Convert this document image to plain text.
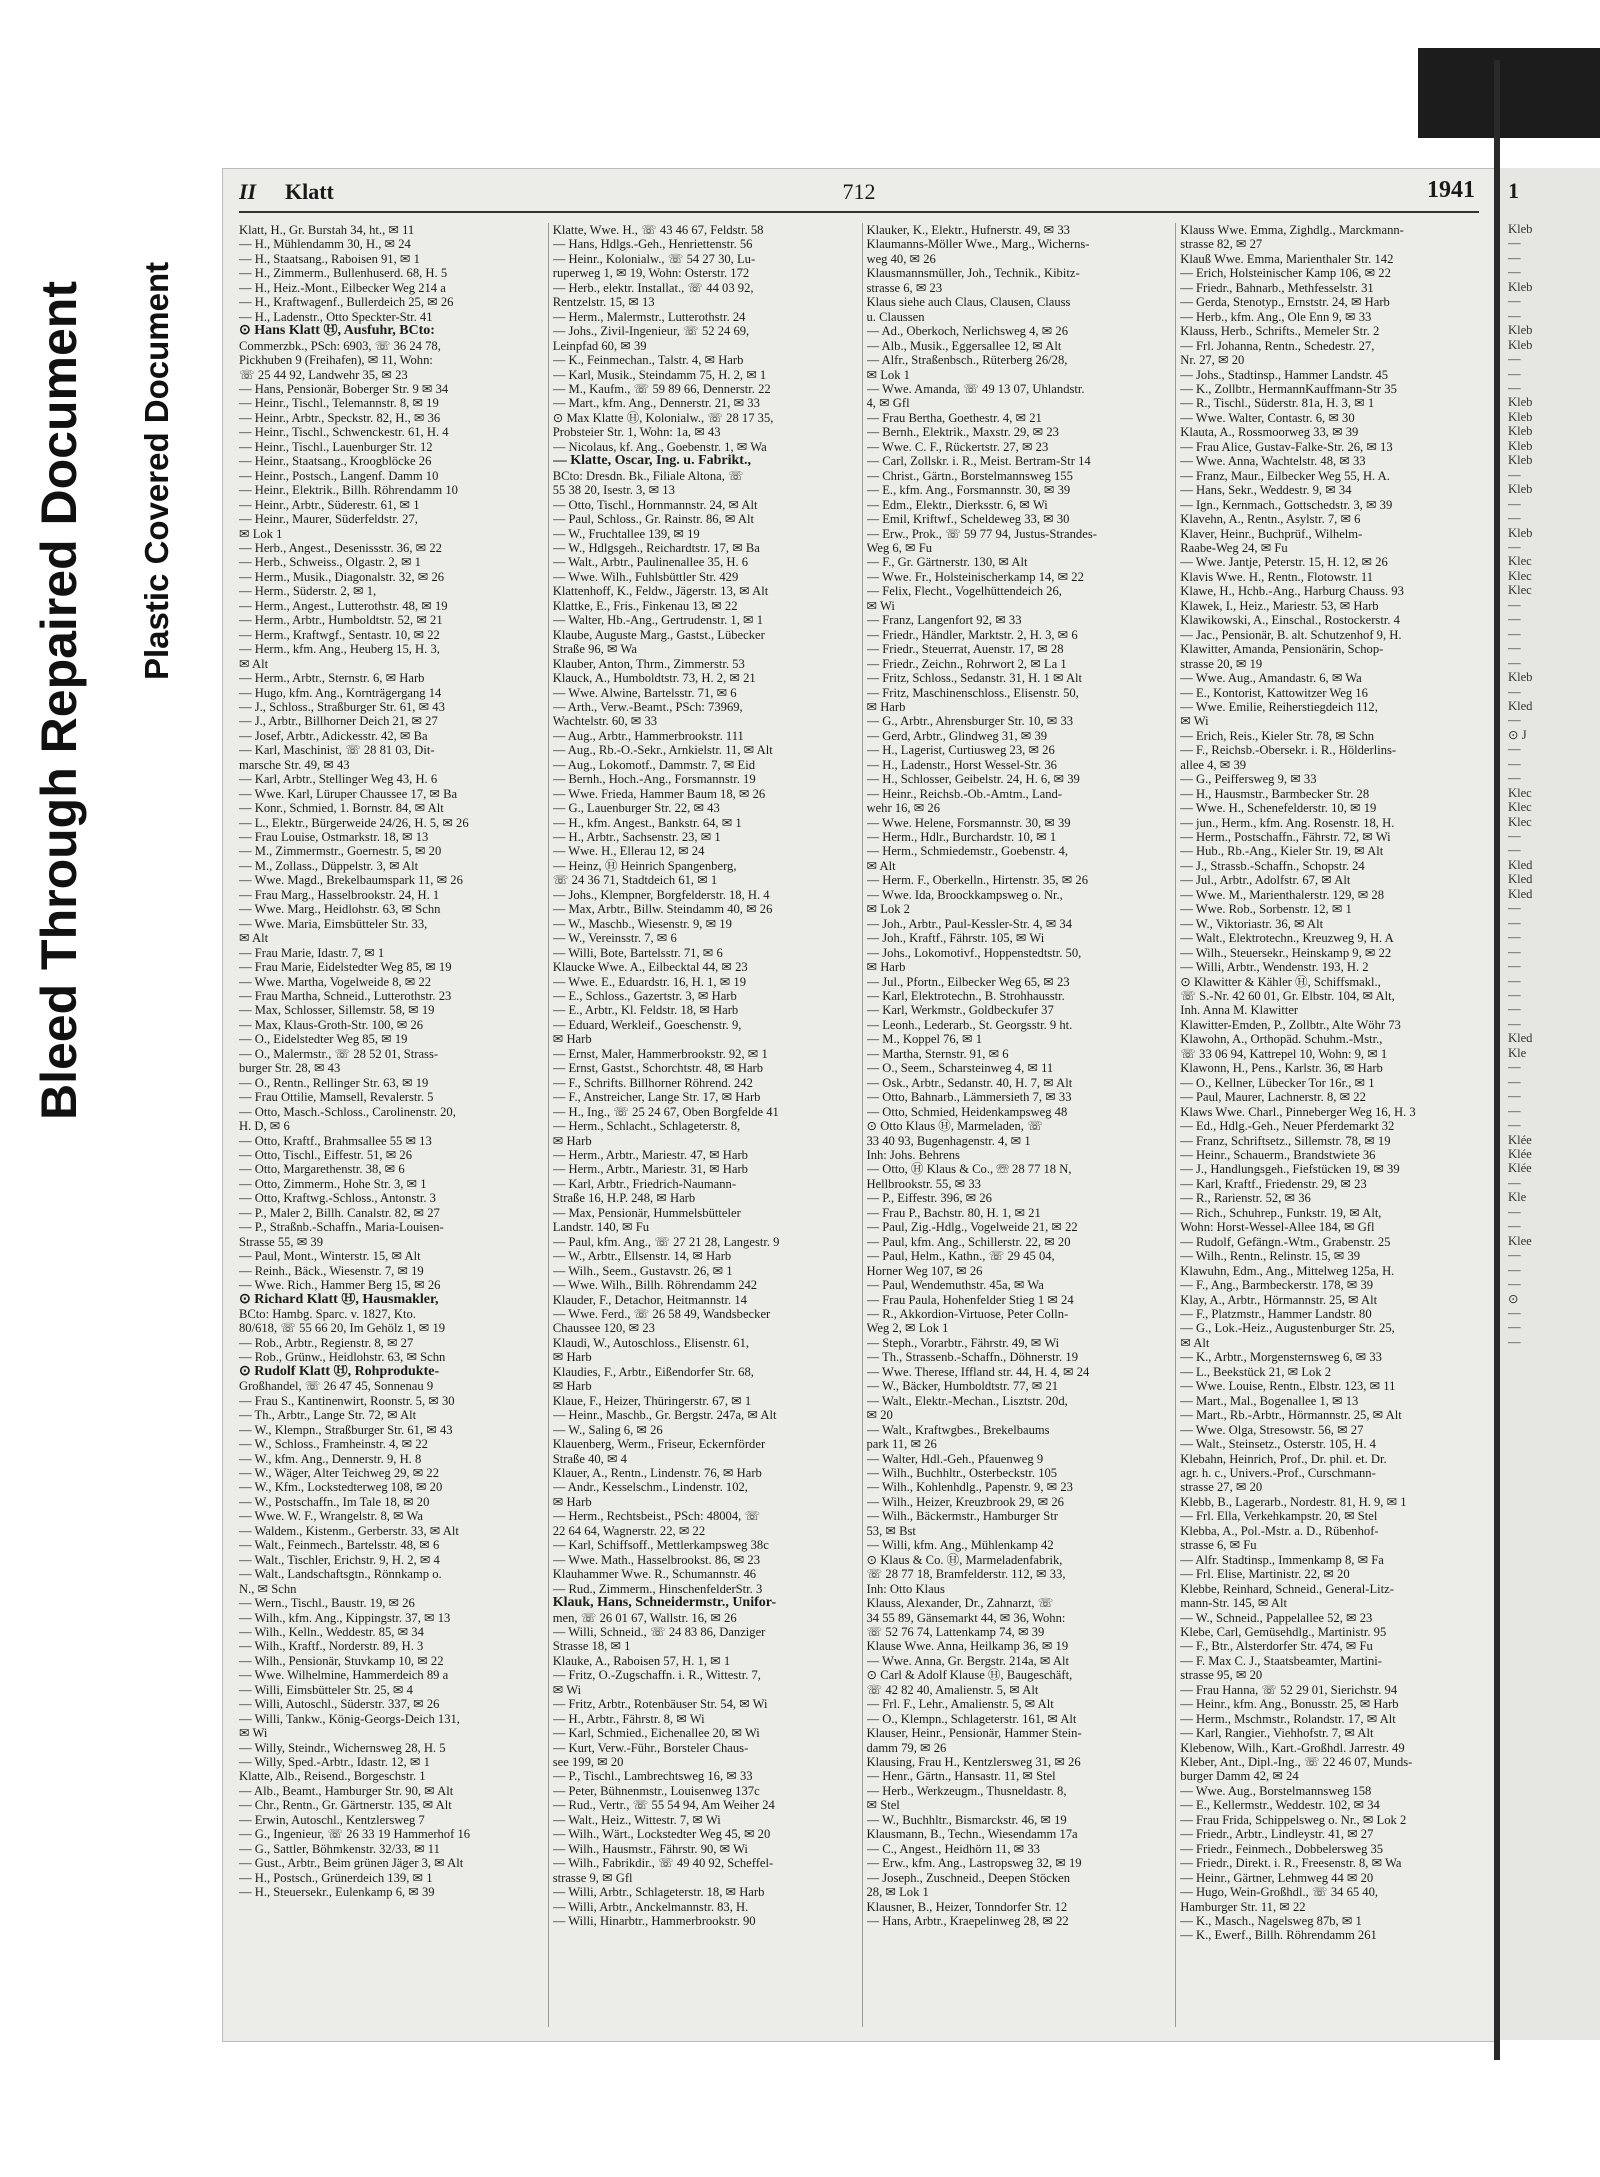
Bleed Through Repaired Document Plastic Covered Document
II Klatt	712	1941
Klatt, H., Gr. Burstah 34, ht., ✉ 11
— H., Mühlendamm 30, H., ✉ 24
— H., Staatsang., Raboisen 91, ✉ 1
— H., Zimmerm., Bullenhuserd. 68, H. 5
— H., Heiz.-Mont., Eilbecker Weg 214 a
— H., Kraftwagenf., Bullerdeich 25, ✉ 26
— H., Ladenstr., Otto Speckter-Str. 41
⊙ Hans Klatt Ⓗ, Ausfuhr, BCto:
Commerzbk., PSch: 6903, ☏ 36 24 78,
Pickhuben 9 (Freihafen), ✉ 11, Wohn:
☏ 25 44 92, Landwehr 35, ✉ 23
— Hans, Pensionär, Boberger Str. 9 ✉ 34
— Heinr., Tischl., Telemannstr. 8, ✉ 19
— Heinr., Arbtr., Speckstr. 82, H., ✉ 36
— Heinr., Tischl., Schwenckestr. 61, H. 4
— Heinr., Tischl., Lauenburger Str. 12
— Heinr., Staatsang., Kroogblöcke 26
— Heinr., Postsch., Langenf. Damm 10
— Heinr., Elektrik., Billh. Röhrendamm 10
— Heinr., Arbtr., Süderestr. 61, ✉ 1
— Heinr., Maurer, Süderfeldstr. 27,
✉ Lok 1
— Herb., Angest., Desenissstr. 36, ✉ 22
— Herb., Schweiss., Olgastr. 2, ✉ 1
— Herm., Musik., Diagonalstr. 32, ✉ 26
— Herm., Süderstr. 2, ✉ 1,
— Herm., Angest., Lutterothstr. 48, ✉ 19
— Herm., Arbtr., Humboldtstr. 52, ✉ 21
— Herm., Kraftwgf., Sentastr. 10, ✉ 22
— Herm., kfm. Ang., Heuberg 15, H. 3,
✉ Alt
— Herm., Arbtr., Sternstr. 6, ✉ Harb
— Hugo, kfm. Ang., Kornträgergang 14
— J., Schloss., Straßburger Str. 61, ✉ 43
— J., Arbtr., Billhorner Deich 21, ✉ 27
— Josef, Arbtr., Adickesstr. 42, ✉ Ba
— Karl, Maschinist, ☏ 28 81 03, Dit-
marsche Str. 49, ✉ 43
— Karl, Arbtr., Stellinger Weg 43, H. 6
— Wwe. Karl, Lüruper Chaussee 17, ✉ Ba
— Konr., Schmied, 1. Bornstr. 84, ✉ Alt
— L., Elektr., Bürgerweide 24/26, H. 5, ✉ 26
— Frau Louise, Ostmarkstr. 18, ✉ 13
— M., Zimmermstr., Goernestr. 5, ✉ 20
— M., Zollass., Düppelstr. 3, ✉ Alt
— Wwe. Magd., Brekelbaumspark 11, ✉ 26
— Frau Marg., Hasselbrookstr. 24, H. 1
— Wwe. Marg., Heidlohstr. 63, ✉ Schn
— Wwe. Maria, Eimsbütteler Str. 33,
✉ Alt
— Frau Marie, Idastr. 7, ✉ 1
— Frau Marie, Eidelstedter Weg 85, ✉ 19
— Wwe. Martha, Vogelweide 8, ✉ 22
— Frau Martha, Schneid., Lutterothstr. 23
— Max, Schlosser, Sillemstr. 58, ✉ 19
— Max, Klaus-Groth-Str. 100, ✉ 26
— O., Eidelstedter Weg 85, ✉ 19
— O., Malermstr., ☏ 28 52 01, Strass-
burger Str. 28, ✉ 43
— O., Rentn., Rellinger Str. 63, ✉ 19
— Frau Ottilie, Mamsell, Revalerstr. 5
— Otto, Masch.-Schloss., Carolinenstr. 20,
H. D, ✉ 6
— Otto, Kraftf., Brahmsallee 55 ✉ 13
— Otto, Tischl., Eiffestr. 51, ✉ 26
— Otto, Margarethenstr. 38, ✉ 6
— Otto, Zimmerm., Hohe Str. 3, ✉ 1
— Otto, Kraftwg.-Schloss., Antonstr. 3
— P., Maler 2, Billh. Canalstr. 82, ✉ 27
— P., Straßnb.-Schaffn., Maria-Louisen-
Strasse 55, ✉ 39
— Paul, Mont., Winterstr. 15, ✉ Alt
— Reinh., Bäck., Wiesenstr. 7, ✉ 19
— Wwe. Rich., Hammer Berg 15, ✉ 26
⊙ Richard Klatt Ⓗ, Hausmakler,
BCto: Hambg. Sparc. v. 1827, Kto.
80/618, ☏ 55 66 20, Im Gehölz 1, ✉ 19
— Rob., Arbtr., Regienstr. 8, ✉ 27
— Rob., Grünw., Heidlohstr. 63, ✉ Schn
⊙ Rudolf Klatt Ⓗ, Rohprodukte-
Großhandel, ☏ 26 47 45, Sonnenau 9
— Frau S., Kantinenwirt, Roonstr. 5, ✉ 30
— Th., Arbtr., Lange Str. 72, ✉ Alt
— W., Klempn., Straßburger Str. 61, ✉ 43
— W., Schloss., Framheinstr. 4, ✉ 22
— W., kfm. Ang., Dennerstr. 9, H. 8
— W., Wäger, Alter Teichweg 29, ✉ 22
— W., Kfm., Lockstedterweg 108, ✉ 20
— W., Postschaffn., Im Tale 18, ✉ 20
— Wwe. W. F., Wrangelstr. 8, ✉ Wa
— Waldem., Kistenm., Gerberstr. 33, ✉ Alt
— Walt., Feinmech., Bartelsstr. 48, ✉ 6
— Walt., Tischler, Erichstr. 9, H. 2, ✉ 4
— Walt., Landschaftsgtn., Rönnkamp o.
N., ✉ Schn
— Wern., Tischl., Baustr. 19, ✉ 26
— Wilh., kfm. Ang., Kippingstr. 37, ✉ 13
— Wilh., Kelln., Weddestr. 85, ✉ 34
— Wilh., Kraftf., Norderstr. 89, H. 3
— Wilh., Pensionär, Stuvkamp 10, ✉ 22
— Wwe. Wilhelmine, Hammerdeich 89 a
— Willi, Eimsbütteler Str. 25, ✉ 4
— Willi, Autoschl., Süderstr. 337, ✉ 26
— Willi, Tankw., König-Georgs-Deich 131,
✉ Wi
— Willy, Steindr., Wichernsweg 28, H. 5
— Willy, Sped.-Arbtr., Idastr. 12, ✉ 1
Klatte, Alb., Reisend., Borgeschstr. 1
— Alb., Beamt., Hamburger Str. 90, ✉ Alt
— Chr., Rentn., Gr. Gärtnerstr. 135, ✉ Alt
— Erwin, Autoschl., Kentzlersweg 7
— G., Ingenieur, ☏ 26 33 19 Hammerhof 16
— G., Sattler, Böhmkenstr. 32/33, ✉ 11
— Gust., Arbtr., Beim grünen Jäger 3, ✉ Alt
— H., Postsch., Grünerdeich 139, ✉ 1
— H., Steuersekr., Eulenkamp 6, ✉ 39
Klatte, Wwe. H., ☏ 43 46 67, Feldstr. 58
— Hans, Hdlgs.-Geh., Henriettenstr. 56
— Heinr., Kolonialw., ☏ 54 27 30, Lu-
ruperweg 1, ✉ 19, Wohn: Osterstr. 172
— Herb., elektr. Installat., ☏ 44 03 92,
Rentzelstr. 15, ✉ 13
— Herm., Malermstr., Lutterothstr. 24
— Johs., Zivil-Ingenieur, ☏ 52 24 69,
Leinpfad 60, ✉ 39
— K., Feinmechan., Talstr. 4, ✉ Harb
— Karl, Musik., Steindamm 75, H. 2, ✉ 1
— M., Kaufm., ☏ 59 89 66, Dennerstr. 22
— Mart., kfm. Ang., Dennerstr. 21, ✉ 33
⊙ Max Klatte Ⓗ, Kolonialw., ☏ 28 17 35,
Probsteier Str. 1, Wohn: 1a, ✉ 43
— Nicolaus, kf. Ang., Goebenstr. 1, ✉ Wa
— Klatte, Oscar, Ing. u. Fabrikt.,
BCto: Dresdn. Bk., Filiale Altona, ☏
55 38 20, Isestr. 3, ✉ 13
— Otto, Tischl., Hornmannstr. 24, ✉ Alt
— Paul, Schloss., Gr. Rainstr. 86, ✉ Alt
— W., Fruchtallee 139, ✉ 19
— W., Hdlgsgeh., Reichardtstr. 17, ✉ Ba
— Walt., Arbtr., Paulinenallee 35, H. 6
— Wwe. Wilh., Fuhlsbüttler Str. 429
Klattenhoff, K., Feldw., Jägerstr. 13, ✉ Alt
Klattke, E., Fris., Finkenau 13, ✉ 22
— Walter, Hb.-Ang., Gertrudenstr. 1, ✉ 1
Klaube, Auguste Marg., Gastst., Lübecker
Straße 96, ✉ Wa
Klauber, Anton, Thrm., Zimmerstr. 53
Klauck, A., Humboldtstr. 73, H. 2, ✉ 21
— Wwe. Alwine, Bartelsstr. 71, ✉ 6
— Arth., Verw.-Beamt., PSch: 73969,
Wachtelstr. 60, ✉ 33
— Aug., Arbtr., Hammerbrookstr. 111
— Aug., Rb.-O.-Sekr., Arnkielstr. 11, ✉ Alt
— Aug., Lokomotf., Dammstr. 7, ✉ Eid
— Bernh., Hoch.-Ang., Forsmannstr. 19
— Wwe. Frieda, Hammer Baum 18, ✉ 26
— G., Lauenburger Str. 22, ✉ 43
— H., kfm. Angest., Bankstr. 64, ✉ 1
— H., Arbtr., Sachsenstr. 23, ✉ 1
— Wwe. H., Ellerau 12, ✉ 24
— Heinz, Ⓗ Heinrich Spangenberg,
☏ 24 36 71, Stadtdeich 61, ✉ 1
— Johs., Klempner, Borgfelderstr. 18, H. 4
— Max, Arbtr., Billw. Steindamm 40, ✉ 26
— W., Maschb., Wiesenstr. 9, ✉ 19
— W., Vereinsstr. 7, ✉ 6
— Willi, Bote, Bartelsstr. 71, ✉ 6
Klaucke Wwe. A., Eilbecktal 44, ✉ 23
— Wwe. E., Eduardstr. 16, H. 1, ✉ 19
— E., Schloss., Gazertstr. 3, ✉ Harb
— E., Arbtr., Kl. Feldstr. 18, ✉ Harb
— Eduard, Werkleif., Goeschenstr. 9,
✉ Harb
— Ernst, Maler, Hammerbrookstr. 92, ✉ 1
— Ernst, Gastst., Schorchtstr. 48, ✉ Harb
— F., Schrifts. Billhorner Röhrend. 242
— F., Anstreicher, Lange Str. 17, ✉ Harb
— H., Ing., ☏ 25 24 67, Oben Borgfelde 41
— Herm., Schlacht., Schlageterstr. 8,
✉ Harb
— Herm., Arbtr., Mariestr. 47, ✉ Harb
— Herm., Arbtr., Mariestr. 31, ✉ Harb
— Karl, Arbtr., Friedrich-Naumann-
Straße 16, H.P. 248, ✉ Harb
— Max, Pensionär, Hummelsbütteler
Landstr. 140, ✉ Fu
— Paul, kfm. Ang., ☏ 27 21 28, Langestr. 9
— W., Arbtr., Ellsenstr. 14, ✉ Harb
— Wilh., Seem., Gustavstr. 26, ✉ 1
— Wwe. Wilh., Billh. Röhrendamm 242
Klauder, F., Detachor, Heitmannstr. 14
— Wwe. Ferd., ☏ 26 58 49, Wandsbecker
Chaussee 120, ✉ 23
Klaudi, W., Autoschloss., Elisenstr. 61,
✉ Harb
Klaudies, F., Arbtr., Eißendorfer Str. 68,
✉ Harb
Klaue, F., Heizer, Thüringerstr. 67, ✉ 1
— Heinr., Maschb., Gr. Bergstr. 247a, ✉ Alt
— W., Saling 6, ✉ 26
Klauenberg, Werm., Friseur, Eckernförder
Straße 40, ✉ 4
Klauer, A., Rentn., Lindenstr. 76, ✉ Harb
— Andr., Kesselschm., Lindenstr. 102,
✉ Harb
— Herm., Rechtsbeist., PSch: 48004, ☏
22 64 64, Wagnerstr. 22, ✉ 22
— Karl, Schiffsoff., Mettlerkampsweg 38c
— Wwe. Math., Hasselbrookst. 86, ✉ 23
Klauhammer Wwe. R., Schumannstr. 46
— Rud., Zimmerm., HinschenfelderStr. 3
Klauk, Hans, Schneidermstr., Unifor-
men, ☏ 26 01 67, Wallstr. 16, ✉ 26
— Willi, Schneid., ☏ 24 83 86, Danziger
Strasse 18, ✉ 1
Klauke, A., Raboisen 57, H. 1, ✉ 1
— Fritz, O.-Zugschaffn. i. R., Wittestr. 7,
✉ Wi
— Fritz, Arbtr., Rotenbäuser Str. 54, ✉ Wi
— H., Arbtr., Fährstr. 8, ✉ Wi
— Karl, Schmied., Eichenallee 20, ✉ Wi
— Kurt, Verw.-Führ., Borsteler Chaus-
see 199, ✉ 20
— P., Tischl., Lambrechtsweg 16, ✉ 33
— Peter, Bühnenmstr., Louisenweg 137c
— Rud., Vertr., ☏ 55 54 94, Am Weiher 24
— Walt., Heiz., Wittestr. 7, ✉ Wi
— Wilh., Wärt., Lockstedter Weg 45, ✉ 20
— Wilh., Hausmstr., Fährstr. 90, ✉ Wi
— Wilh., Fabrikdir., ☏ 49 40 92, Scheffel-
strasse 9, ✉ Gfl
— Willi, Arbtr., Schlageterstr. 18, ✉ Harb
— Willi, Arbtr., Anckelmannstr. 83, H.
— Willi, Hinarbtr., Hammerbrookstr. 90
Klauker, K., Elektr., Hufnerstr. 49, ✉ 33
Klaumanns-Möller Wwe., Marg., Wicherns-
weg 40, ✉ 26
Klausmannsmüller, Joh., Technik., Kibitz-
strasse 6, ✉ 23
Klaus siehe auch Claus, Clausen, Clauss
u. Claussen
— Ad., Oberkoch, Nerlichsweg 4, ✉ 26
— Alb., Musik., Eggersallee 12, ✉ Alt
— Alfr., Straßenbsch., Rüterberg 26/28,
✉ Lok 1
— Wwe. Amanda, ☏ 49 13 07, Uhlandstr.
4, ✉ Gfl
— Frau Bertha, Goethestr. 4, ✉ 21
— Bernh., Elektrik., Maxstr. 29, ✉ 23
— Wwe. C. F., Rückertstr. 27, ✉ 23
— Carl, Zollskr. i. R., Meist. Bertram-Str 14
— Christ., Gärtn., Borstelmannsweg 155
— E., kfm. Ang., Forsmannstr. 30, ✉ 39
— Edm., Elektr., Dierksstr. 6, ✉ Wi
— Emil, Kriftwf., Scheldeweg 33, ✉ 30
— Erw., Prok., ☏ 59 77 94, Justus-Strandes-
Weg 6, ✉ Fu
— F., Gr. Gärtnerstr. 130, ✉ Alt
— Wwe. Fr., Holsteinischerkamp 14, ✉ 22
— Felix, Flecht., Vogelhüttendeich 26,
✉ Wi
— Franz, Langenfort 92, ✉ 33
— Friedr., Händler, Marktstr. 2, H. 3, ✉ 6
— Friedr., Steuerrat, Auenstr. 17, ✉ 28
— Friedr., Zeichn., Rohrwort 2, ✉ La 1
— Fritz, Schloss., Sedanstr. 31, H. 1 ✉ Alt
— Fritz, Maschinenschloss., Elisenstr. 50,
✉ Harb
— G., Arbtr., Ahrensburger Str. 10, ✉ 33
— Gerd, Arbtr., Glindweg 31, ✉ 39
— H., Lagerist, Curtiusweg 23, ✉ 26
— H., Ladenstr., Horst Wessel-Str. 36
— H., Schlosser, Geibelstr. 24, H. 6, ✉ 39
— Heinr., Reichsb.-Ob.-Amtm., Land-
wehr 16, ✉ 26
— Wwe. Helene, Forsmannstr. 30, ✉ 39
— Herm., Hdlr., Burchardstr. 10, ✉ 1
— Herm., Schmiedemstr., Goebenstr. 4,
✉ Alt
— Herm. F., Oberkelln., Hirtenstr. 35, ✉ 26
— Wwe. Ida, Broockkampsweg o. Nr.,
✉ Lok 2
— Joh., Arbtr., Paul-Kessler-Str. 4, ✉ 34
— Joh., Kraftf., Fährstr. 105, ✉ Wi
— Johs., Lokomotivf., Hoppenstedtstr. 50,
✉ Harb
— Jul., Pfortn., Eilbecker Weg 65, ✉ 23
— Karl, Elektrotechn., B. Strohhausstr.
— Karl, Werkmstr., Goldbeckufer 37
— Leonh., Lederarb., St. Georgsstr. 9 ht.
— M., Koppel 76, ✉ 1
— Martha, Sternstr. 91, ✉ 6
— O., Seem., Scharsteinweg 4, ✉ 11
— Osk., Arbtr., Sedanstr. 40, H. 7, ✉ Alt
— Otto, Bahnarb., Lämmersieth 7, ✉ 33
— Otto, Schmied, Heidenkampsweg 48
⊙ Otto Klaus Ⓗ, Marmeladen, ☏
33 40 93, Bugenhagenstr. 4, ✉ 1
Inh: Johs. Behrens
— Otto, Ⓗ Klaus & Co., ☏ 28 77 18 N,
Hellbrookstr. 55, ✉ 33
— P., Eiffestr. 396, ✉ 26
— Frau P., Bachstr. 80, H. 1, ✉ 21
— Paul, Zig.-Hdlg., Vogelweide 21, ✉ 22
— Paul, kfm. Ang., Schillerstr. 22, ✉ 20
— Paul, Helm., Kathn., ☏ 29 45 04,
Horner Weg 107, ✉ 26
— Paul, Wendemuthstr. 45a, ✉ Wa
— Frau Paula, Hohenfelder Stieg 1 ✉ 24
— R., Akkordion-Virtuose, Peter Colln-
Weg 2, ✉ Lok 1
— Steph., Vorarbtr., Fährstr. 49, ✉ Wi
— Th., Strassenb.-Schaffn., Döhnerstr. 19
— Wwe. Therese, Iffland str. 44, H. 4, ✉ 24
— W., Bäcker, Humboldtstr. 77, ✉ 21
— Walt., Elektr.-Mechan., Lisztstr. 20d,
✉ 20
— Walt., Kraftwgbes., Brekelbaums
park 11, ✉ 26
— Walter, Hdl.-Geh., Pfauenweg 9
— Wilh., Buchhltr., Osterbeckstr. 105
— Wilh., Kohlenhdlg., Papenstr. 9, ✉ 23
— Wilh., Heizer, Kreuzbrook 29, ✉ 26
— Wilh., Bäckermstr., Hamburger Str
53, ✉ Bst
— Willi, kfm. Ang., Mühlenkamp 42
⊙ Klaus & Co. Ⓗ, Marmeladenfabrik,
☏ 28 77 18, Bramfelderstr. 112, ✉ 33,
Inh: Otto Klaus
Klauss, Alexander, Dr., Zahnarzt, ☏
34 55 89, Gänsemarkt 44, ✉ 36, Wohn:
☏ 52 76 74, Lattenkamp 74, ✉ 39
Klause Wwe. Anna, Heilkamp 36, ✉ 19
— Wwe. Anna, Gr. Bergstr. 214a, ✉ Alt
⊙ Carl & Adolf Klause Ⓗ, Baugeschäft,
☏ 42 82 40, Amalienstr. 5, ✉ Alt
— Frl. F., Lehr., Amalienstr. 5, ✉ Alt
— O., Klempn., Schlageterstr. 161, ✉ Alt
Klauser, Heinr., Pensionär, Hammer Stein-
damm 79, ✉ 26
Klausing, Frau H., Kentzlersweg 31, ✉ 26
— Henr., Gärtn., Hansastr. 11, ✉ Stel
— Herb., Werkzeugm., Thusneldastr. 8,
✉ Stel
— W., Buchhltr., Bismarckstr. 46, ✉ 19
Klausmann, B., Techn., Wiesendamm 17a
— C., Angest., Heidhörn 11, ✉ 33
— Erw., kfm. Ang., Lastropsweg 32, ✉ 19
— Joseph., Zuschneid., Deepen Stöcken
28, ✉ Lok 1
Klausner, B., Heizer, Tonndorfer Str. 12
— Hans, Arbtr., Kraepelinweg 28, ✉ 22
Klauss Wwe. Emma, Zighdlg., Marckmann-
strasse 82, ✉ 27
Klauß Wwe. Emma, Marienthaler Str. 142
— Erich, Holsteinischer Kamp 106, ✉ 22
— Friedr., Bahnarb., Methfesselstr. 31
— Gerda, Stenotyp., Ernststr. 24, ✉ Harb
— Herb., kfm. Ang., Ole Enn 9, ✉ 33
Klauss, Herb., Schrifts., Memeler Str. 2
— Frl. Johanna, Rentn., Schedestr. 27,
Nr. 27, ✉ 20
— Johs., Stadtinsp., Hammer Landstr. 45
— K., Zollbtr., HermannKauffmann-Str 35
— R., Tischl., Süderstr. 81a, H. 3, ✉ 1
— Wwe. Walter, Contastr. 6, ✉ 30
Klauta, A., Rossmoorweg 33, ✉ 39
— Frau Alice, Gustav-Falke-Str. 26, ✉ 13
— Wwe. Anna, Wachtelstr. 48, ✉ 33
— Franz, Maur., Eilbecker Weg 55, H. A.
— Hans, Sekr., Weddestr. 9, ✉ 34
— Ign., Kernmach., Gottschedstr. 3, ✉ 39
Klavehn, A., Rentn., Asylstr. 7, ✉ 6
Klaver, Heinr., Buchprüf., Wilhelm-
Raabe-Weg 24, ✉ Fu
— Wwe. Jantje, Peterstr. 15, H. 12, ✉ 26
Klavis Wwe. H., Rentn., Flotowstr. 11
Klawe, H., Hchb.-Ang., Harburg Chauss. 93
Klawek, I., Heiz., Mariestr. 53, ✉ Harb
Klawikowski, A., Einschal., Rostockerstr. 4
— Jac., Pensionär, B. alt. Schutzenhof 9, H.
Klawitter, Amanda, Pensionärin, Schop-
strasse 20, ✉ 19
— Wwe. Aug., Amandastr. 6, ✉ Wa
— E., Kontorist, Kattowitzer Weg 16
— Wwe. Emilie, Reiherstiegdeich 112,
✉ Wi
— Erich, Reis., Kieler Str. 78, ✉ Schn
— F., Reichsb.-Obersekr. i. R., Hölderlins-
allee 4, ✉ 39
— G., Peiffersweg 9, ✉ 33
— H., Hausmstr., Barmbecker Str. 28
— Wwe. H., Schenefelderstr. 10, ✉ 19
— jun., Herm., kfm. Ang. Rosenstr. 18, H.
— Herm., Postschaffn., Fährstr. 72, ✉ Wi
— Hub., Rb.-Ang., Kieler Str. 19, ✉ Alt
— J., Strassb.-Schaffn., Schopstr. 24
— Jul., Arbtr., Adolfstr. 67, ✉ Alt
— Wwe. M., Marienthalerstr. 129, ✉ 28
— Wwe. Rob., Sorbenstr. 12, ✉ 1
— W., Viktoriastr. 36, ✉ Alt
— Walt., Elektrotechn., Kreuzweg 9, H. A
— Wilh., Steuersekr., Heinskamp 9, ✉ 22
— Willi, Arbtr., Wendenstr. 193, H. 2
⊙ Klawitter & Kähler Ⓗ, Schiffsmakl.,
☏ S.-Nr. 42 60 01, Gr. Elbstr. 104, ✉ Alt,
Inh. Anna M. Klawitter
Klawitter-Emden, P., Zollbtr., Alte Wöhr 73
Klawohn, A., Orthopäd. Schuhm.-Mstr.,
☏ 33 06 94, Kattrepel 10, Wohn: 9, ✉ 1
Klawonn, H., Pens., Karlstr. 36, ✉ Harb
— O., Kellner, Lübecker Tor 16r., ✉ 1
— Paul, Maurer, Lachnerstr. 8, ✉ 22
Klaws Wwe. Charl., Pinneberger Weg 16, H. 3
— Ed., Hdlg.-Geh., Neuer Pferdemarkt 32
— Franz, Schriftsetz., Sillemstr. 78, ✉ 19
— Heinr., Schauerm., Brandstwiete 36
— J., Handlungsgeh., Fiefstücken 19, ✉ 39
— Karl, Kraftf., Friedenstr. 29, ✉ 23
— R., Rarienstr. 52, ✉ 36
— Rich., Schuhrep., Funkstr. 19, ✉ Alt,
Wohn: Horst-Wessel-Allee 184, ✉ Gfl
— Rudolf, Gefängn.-Wtm., Grabenstr. 25
— Wilh., Rentn., Relinstr. 15, ✉ 39
Klawuhn, Edm., Ang., Mittelweg 125a, H.
— F., Ang., Barmbeckerstr. 178, ✉ 39
Klay, A., Arbtr., Hörmannstr. 25, ✉ Alt
— F., Platzmstr., Hammer Landstr. 80
— G., Lok.-Heiz., Augustenburger Str. 25,
✉ Alt
— K., Arbtr., Morgensternsweg 6, ✉ 33
— L., Beekstück 21, ✉ Lok 2
— Wwe. Louise, Rentn., Elbstr. 123, ✉ 11
— Mart., Mal., Bogenallee 1, ✉ 13
— Mart., Rb.-Arbtr., Hörmannstr. 25, ✉ Alt
— Wwe. Olga, Stresowstr. 56, ✉ 27
— Walt., Steinsetz., Osterstr. 105, H. 4
Klebahn, Heinrich, Prof., Dr. phil. et. Dr.
agr. h. c., Univers.-Prof., Curschmann-
strasse 27, ✉ 20
Klebb, B., Lagerarb., Nordestr. 81, H. 9, ✉ 1
— Frl. Ella, Verkehkampstr. 20, ✉ Stel
Klebba, A., Pol.-Mstr. a. D., Rübenhof-
strasse 6, ✉ Fu
— Alfr. Stadtinsp., Immenkamp 8, ✉ Fa
— Frl. Elise, Martinistr. 22, ✉ 20
Klebbe, Reinhard, Schneid., General-Litz-
mann-Str. 145, ✉ Alt
— W., Schneid., Pappelallee 52, ✉ 23
Klebe, Carl, Gemüsehdlg., Martinistr. 95
— F., Btr., Alsterdorfer Str. 474, ✉ Fu
— F. Max C. J., Staatsbeamter, Martini-
strasse 95, ✉ 20
— Frau Hanna, ☏ 52 29 01, Sierichstr. 94
— Heinr., kfm. Ang., Bonusstr. 25, ✉ Harb
— Herm., Mschmstr., Rolandstr. 17, ✉ Alt
— Karl, Rangier., Viehhofstr. 7, ✉ Alt
Klebenow, Wilh., Kart.-Großhdl. Jarrestr. 49
Kleber, Ant., Dipl.-Ing., ☏ 22 46 07, Munds-
burger Damm 42, ✉ 24
— Wwe. Aug., Borstelmannsweg 158
— E., Kellermstr., Weddestr. 102, ✉ 34
— Frau Frida, Schippelsweg o. Nr., ✉ Lok 2
— Friedr., Arbtr., Lindleystr. 41, ✉ 27
— Friedr., Feinmech., Dobbelersweg 35
— Friedr., Direkt. i. R., Freesenstr. 8, ✉ Wa
— Heinr., Gärtner, Lehmweg 44 ✉ 20
— Hugo, Wein-Großhdl., ☏ 34 65 40,
Hamburger Str. 11, ✉ 22
— K., Masch., Nagelsweg 87b, ✉ 1
— K., Ewerf., Billh. Röhrendamm 261
1
Kleb
—
—
—
Kleb
—
—
Kleb
Kleb
—
—
—
Kleb
Kleb
Kleb
Kleb
Kleb
—
Kleb
—
—
Kleb
—
Klec
Klec
Klec
—
—
—
—
—
Kleb
—
Kled
—
⊙ J
—
—
—
Klec
Klec
Klec
—
—
Kled
Kled
Kled
—
—
—
—
—
—
—
—
—
Kled
Kle
—
—
—
—
—
Klée
Klée
Klée
—
Kle
—
—
Klee
—
—
—
⊙
—
—
—
